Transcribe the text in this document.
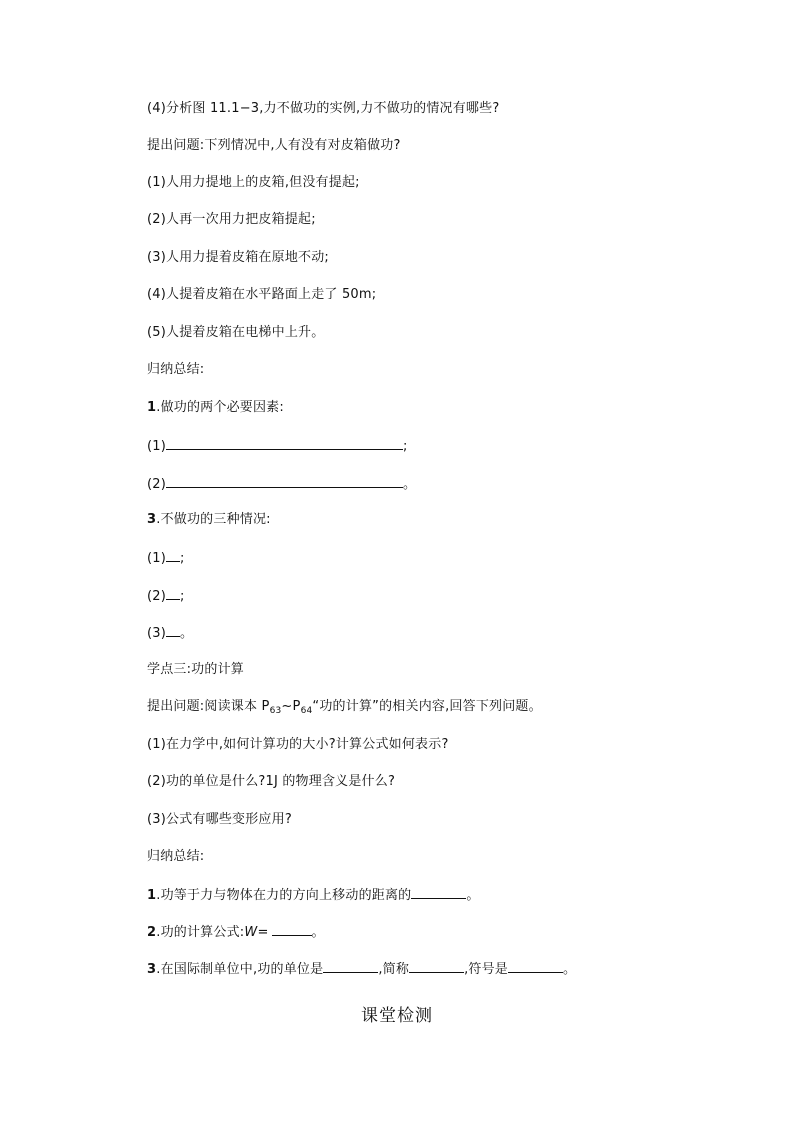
(4)分析图 11.1−3,力不做功的实例,力不做功的情况有哪些?
提出问题:下列情况中,人有没有对皮箱做功?
(1)人用力提地上的皮箱,但没有提起;
(2)人再一次用力把皮箱提起;
(3)人用力提着皮箱在原地不动;
(4)人提着皮箱在水平路面上走了 50m;
(5)人提着皮箱在电梯中上升。
归纳总结:
1.做功的两个必要因素:
(1)	;
(2)	。
3.不做功的三种情况:
(1) ;
(2) ;
(3) 。
学点三:功的计算
提出问题:阅读课本 $P_{63}\sim P_{64}“$功的计算”的相关内容,回答下列问题。
(1)在力学中,如何计算功的大小?计算公式如何表示?
(2)功的单位是什么?1J 的物理含义是什么?
(3)公式有哪些变形应用?
归纳总结:
1.功等于力与物体在力的方向上移动的距离的	。
2.功的计算公式:W=	。
3.在国际制单位中,功的单位是	,简称	,符号是	。
课堂检测
